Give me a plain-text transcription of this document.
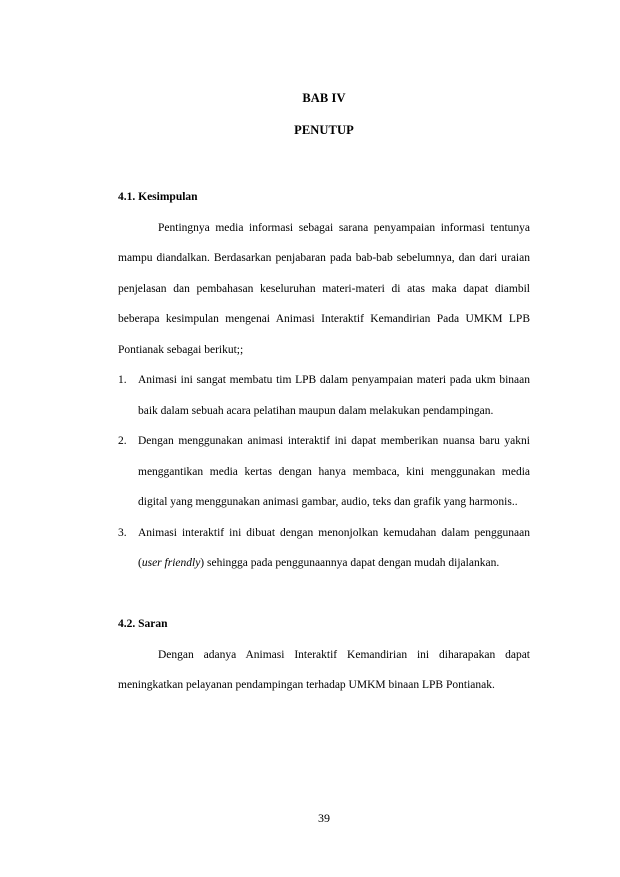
BAB IV
PENUTUP

4.1. Kesimpulan

Pentingnya media informasi sebagai sarana penyampaian informasi tentunya mampu diandalkan. Berdasarkan penjabaran pada bab-bab sebelumnya, dan dari uraian penjelasan dan pembahasan keseluruhan materi-materi di atas maka dapat diambil beberapa kesimpulan mengenai Animasi Interaktif Kemandirian Pada UMKM LPB Pontianak sebagai berikut;;

1. Animasi ini sangat membatu tim LPB dalam penyampaian materi pada ukm binaan baik dalam sebuah acara pelatihan maupun dalam melakukan pendampingan.
2. Dengan menggunakan animasi interaktif ini dapat memberikan nuansa baru yakni menggantikan media kertas dengan hanya membaca, kini menggunakan media digital yang menggunakan animasi gambar, audio, teks dan grafik yang harmonis..
3. Animasi interaktif ini dibuat dengan menonjolkan kemudahan dalam penggunaan (user friendly) sehingga pada penggunaannya dapat dengan mudah dijalankan.

4.2. Saran

Dengan adanya Animasi Interaktif Kemandirian ini diharapakan dapat meningkatkan pelayanan pendampingan terhadap UMKM binaan LPB Pontianak.

39
